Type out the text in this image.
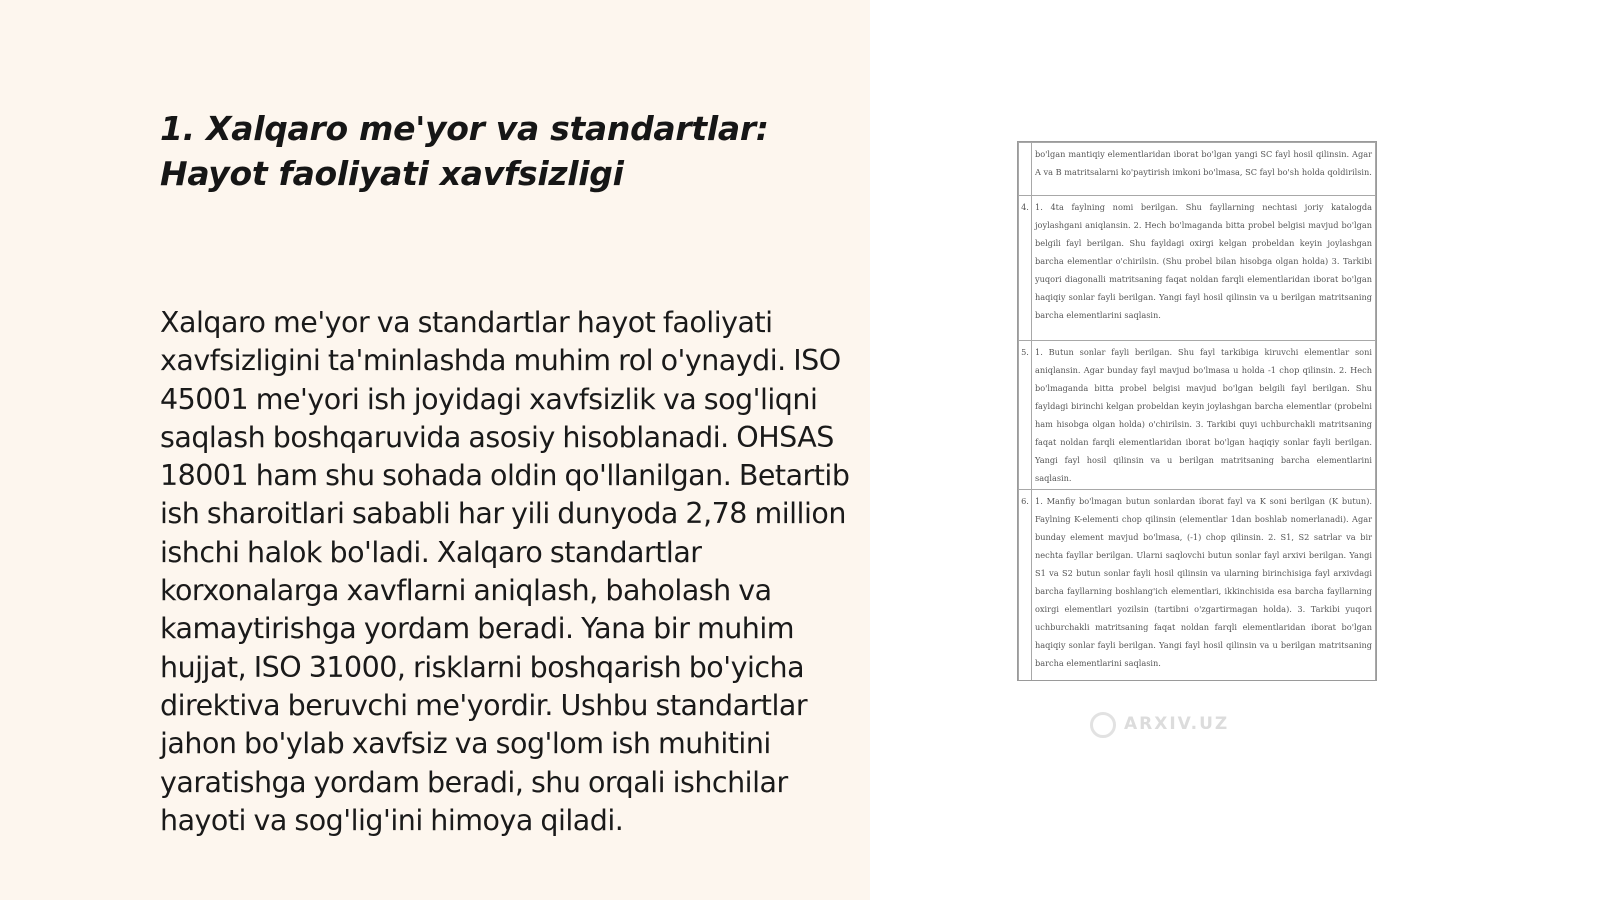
1. Xalqaro me'yor va standartlar: Hayot faoliyati xavfsizligi

Xalqaro me'yor va standartlar hayot faoliyati xavfsizligini ta'minlashda muhim rol o'ynaydi. ISO 45001 me'yori ish joyidagi xavfsizlik va sog'liqni saqlash boshqaruvida asosiy hisoblanadi. OHSAS 18001 ham shu sohada oldin qo'llanilgan. Betartib ish sharoitlari sababli har yili dunyoda 2,78 million ishchi halok bo'ladi. Xalqaro standartlar korxonalarga xavflarni aniqlash, baholash va kamaytirishga yordam beradi. Yana bir muhim hujjat, ISO 31000, risklarni boshqarish bo'yicha direktiva beruvchi me'yordir. Ushbu standartlar jahon bo'ylab xavfsiz va sog'lom ish muhitini yaratishga yordam beradi, shu orqali ishchilar hayoti va sog'lig'ini himoya qiladi.

	bo'lgan mantiqiy elementlaridan iborat bo'lgan yangi SC fayl hosil qilinsin. Agar A va B matritsalarni ko'paytirish imkoni bo'lmasa, SC fayl bo'sh holda qoldirilsin.
4.	1. 4ta faylning nomi berilgan. Shu fayllarning nechtasi joriy katalogda joylashgani aniqlansin. 2. Hech bo'lmaganda bitta probel belgisi mavjud bo'lgan belgili fayl berilgan. Shu fayldagi oxirgi kelgan probeldan keyin joylashgan barcha elementlar o'chirilsin. (Shu probel bilan hisobga olgan holda) 3. Tarkibi yuqori diagonalli matritsaning faqat noldan farqli elementlaridan iborat bo'lgan haqiqiy sonlar fayli berilgan. Yangi fayl hosil qilinsin va u berilgan matritsaning barcha elementlarini saqlasin.
5.	1. Butun sonlar fayli berilgan. Shu fayl tarkibiga kiruvchi elementlar soni aniqlansin. Agar bunday fayl mavjud bo'lmasa u holda -1 chop qilinsin. 2. Hech bo'lmaganda bitta probel belgisi mavjud bo'lgan belgili fayl berilgan. Shu fayldagi birinchi kelgan probeldan keyin joylashgan barcha elementlar (probelni ham hisobga olgan holda) o'chirilsin. 3. Tarkibi quyi uchburchakli matritsaning faqat noldan farqli elementlaridan iborat bo'lgan haqiqiy sonlar fayli berilgan. Yangi fayl hosil qilinsin va u berilgan matritsaning barcha elementlarini saqlasin.
6.	1. Manfiy bo'lmagan butun sonlardan iborat fayl va K soni berilgan (K butun). Faylning K-elementi chop qilinsin (elementlar 1dan boshlab nomerlanadi). Agar bunday element mavjud bo'lmasa, (-1) chop qilinsin. 2. S1, S2 satrlar va bir nechta fayllar berilgan. Ularni saqlovchi butun sonlar fayl arxivi berilgan. Yangi S1 va S2 butun sonlar fayli hosil qilinsin va ularning birinchisiga fayl arxivdagi barcha fayllarning boshlang'ich elementlari, ikkinchisida esa barcha fayllarning oxirgi elementlari yozilsin (tartibni o'zgartirmagan holda). 3. Tarkibi yuqori uchburchakli matritsaning faqat noldan farqli elementlaridan iborat bo'lgan haqiqiy sonlar fayli berilgan. Yangi fayl hosil qilinsin va u berilgan matritsaning barcha elementlarini saqlasin.

ARXIV.UZ
